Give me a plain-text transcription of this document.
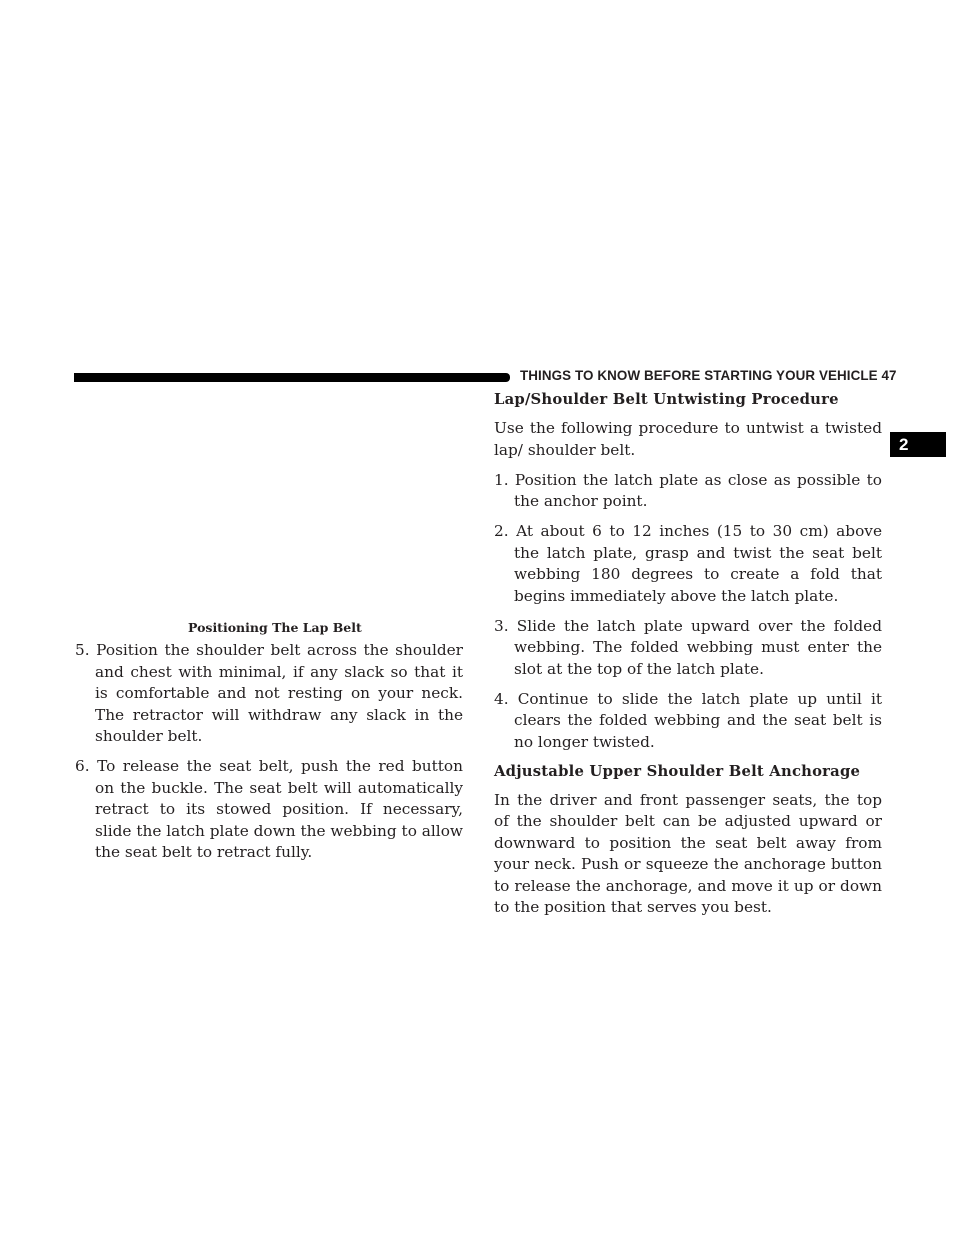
THINGS TO KNOW BEFORE STARTING YOUR VEHICLE 47
2
Positioning The Lap Belt

5. Position the shoulder belt across the shoulder and chest with minimal, if any slack so that it is comfortable and not resting on your neck. The retractor will withdraw any slack in the shoulder belt.

6. To release the seat belt, push the red button on the buckle. The seat belt will automatically retract to its stowed position. If necessary, slide the latch plate down the webbing to allow the seat belt to retract fully.

Lap/Shoulder Belt Untwisting Procedure

Use the following procedure to untwist a twisted lap/ shoulder belt.

1. Position the latch plate as close as possible to the anchor point.

2. At about 6 to 12 inches (15 to 30 cm) above the latch plate, grasp and twist the seat belt webbing 180 degrees to create a fold that begins immediately above the latch plate.

3. Slide the latch plate upward over the folded webbing. The folded webbing must enter the slot at the top of the latch plate.

4. Continue to slide the latch plate up until it clears the folded webbing and the seat belt is no longer twisted.

Adjustable Upper Shoulder Belt Anchorage

In the driver and front passenger seats, the top of the shoulder belt can be adjusted upward or downward to position the seat belt away from your neck. Push or squeeze the anchorage button to release the anchorage, and move it up or down to the position that serves you best.
